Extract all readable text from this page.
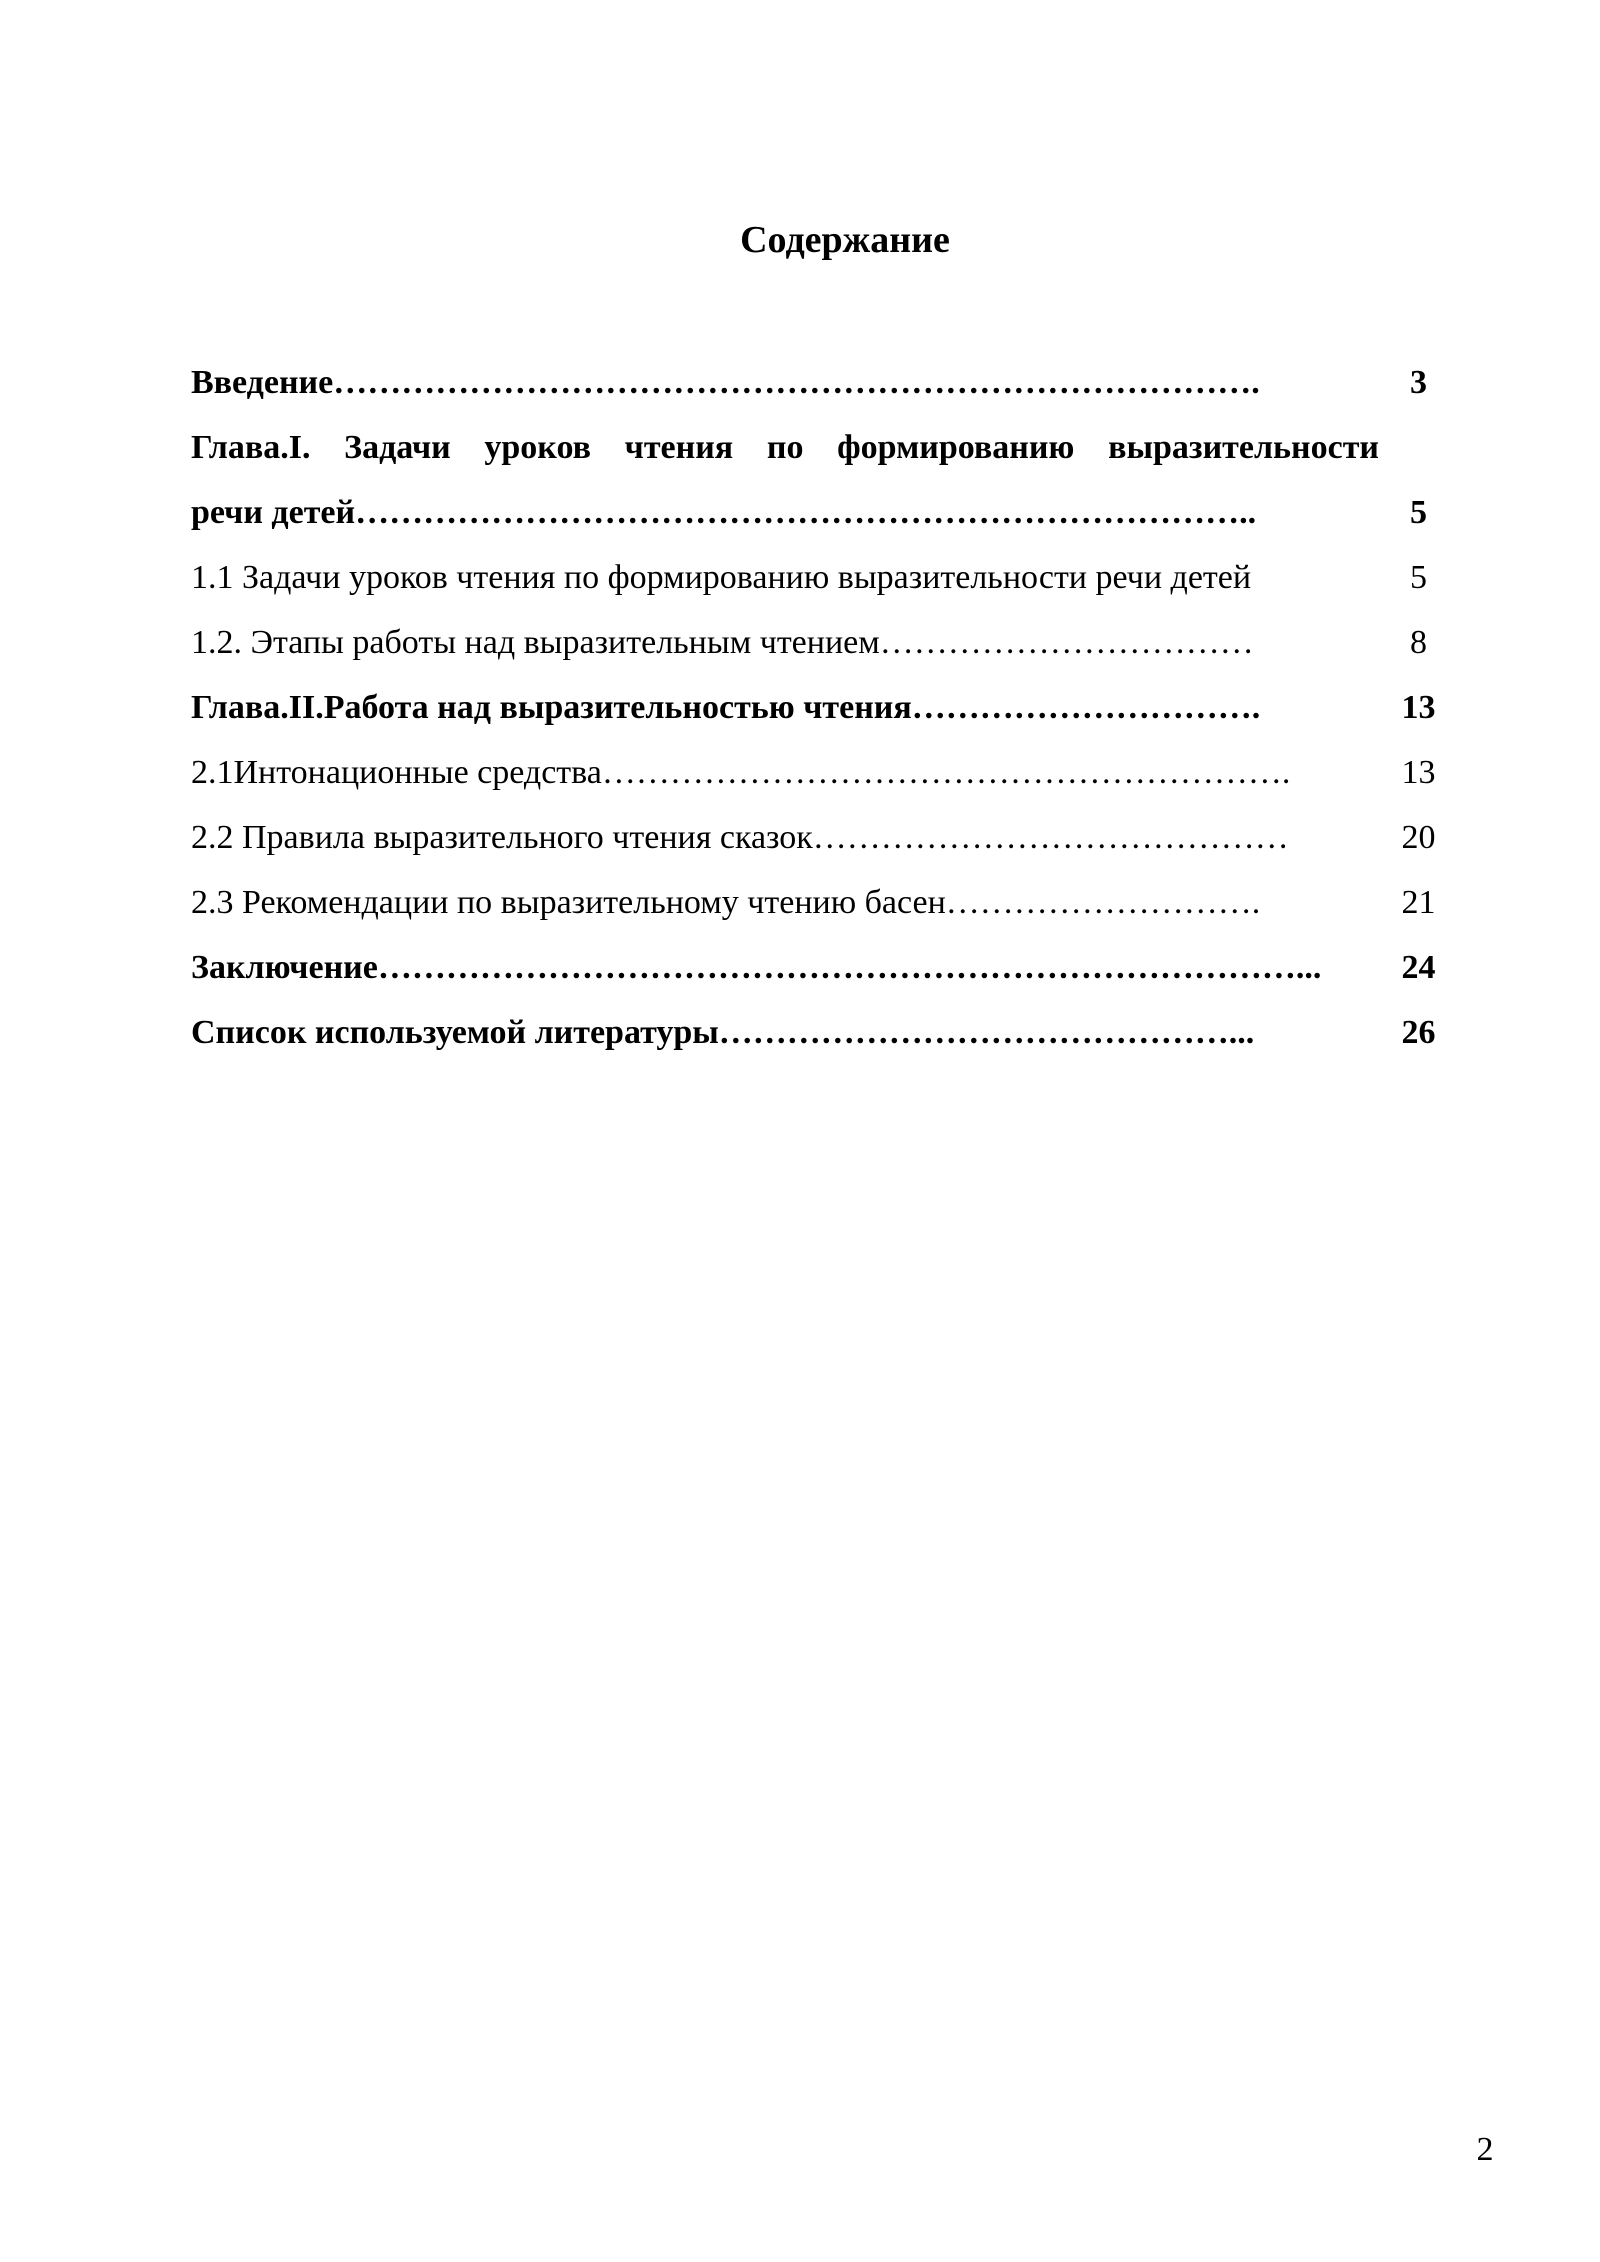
Содержание
Введение……………………………………………………………………….	3
Глава.I. Задачи уроков чтения по формированию выразительности
речи детей……………………………………………………………………..	5
1.1 Задачи уроков чтения по формированию выразительности речи детей	5
1.2. Этапы работы над выразительным чтением……………………………	8
Глава.II.Работа над выразительностью чтения………………………….	13
2.1Интонационные средства…………………………………………………….	13
2.2 Правила выразительного чтения сказок……………………………………	20
2.3 Рекомендации по выразительному чтению басен……………………….	21
Заключение………………………………………………………………………...	24
Список используемой литературы………………………………………...	26
2
